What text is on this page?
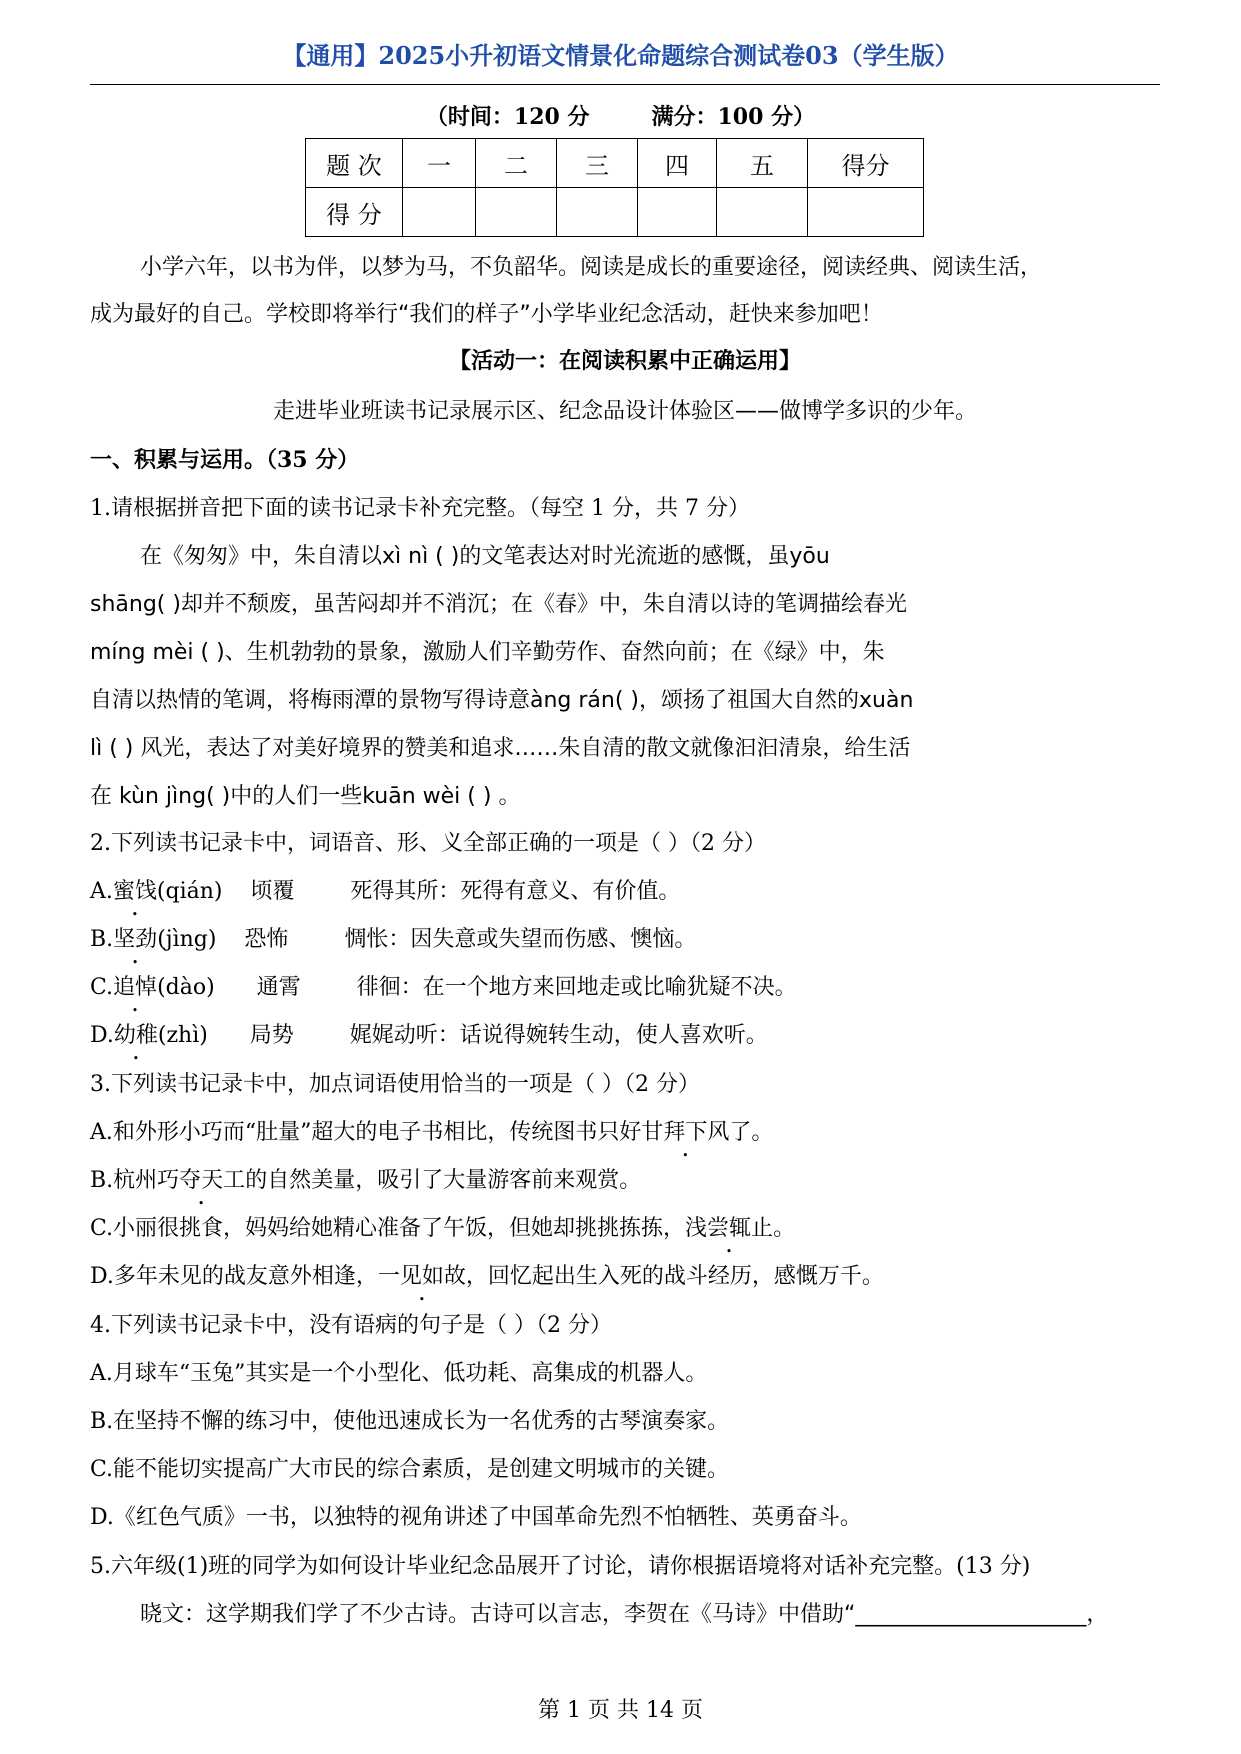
【通用】2025小升初语文情景化命题综合测试卷03（学生版）
（时间：120 分	满分：100 分）
题 次	一	二	三	四	五	得分
得 分						
小学六年，以书为伴，以梦为马，不负韶华。阅读是成长的重要途径，阅读经典、阅读生活，
成为最好的自己。学校即将举行“我们的样子”小学毕业纪念活动，赶快来参加吧！
【活动一：在阅读积累中正确运用】
走进毕业班读书记录展示区、纪念品设计体验区——做博学多识的少年。
一、积累与运用。（35 分）
1.请根据拼音把下面的读书记录卡补充完整。（每空 1 分，共 7 分）
在《匆匆》中，朱自清以xì nì ( )的文笔表达对时光流逝的感慨，虽yōu
shāng( )却并不颓废，虽苦闷却并不消沉；在《春》中，朱自清以诗的笔调描绘春光
míng mèi ( )、生机勃勃的景象，激励人们辛勤劳作、奋然向前；在《绿》中，朱
自清以热情的笔调，将梅雨潭的景物写得诗意àng rán( )，颂扬了祖国大自然的xuàn
lì ( ) 风光，表达了对美好境界的赞美和追求……朱自清的散文就像汩汩清泉，给生活
在 kùn jìng( )中的人们一些kuān wèi ( ) 。
2.下列读书记录卡中，词语音、形、义全部正确的一项是（ ）（2 分）
A.蜜饯(qián)    顷覆        死得其所：死得有意义、有价值。
B.坚劲(jìng)    恐怖        惆怅：因失意或失望而伤感、懊恼。
C.追悼(dào)      通霄        徘徊：在一个地方来回地走或比喻犹疑不决。
D.幼稚(zhì)      局势        娓娓动听：话说得婉转生动，使人喜欢听。
3.下列读书记录卡中，加点词语使用恰当的一项是（ ）（2 分）
A.和外形小巧而“肚量”超大的电子书相比，传统图书只好甘拜下风了。
B.杭州巧夺天工的自然美量，吸引了大量游客前来观赏。
C.小丽很挑食，妈妈给她精心准备了午饭，但她却挑挑拣拣，浅尝辄止。
D.多年未见的战友意外相逢，一见如故，回忆起出生入死的战斗经历，感慨万千。
4.下列读书记录卡中，没有语病的句子是（ ）（2 分）
A.月球车“玉兔”其实是一个小型化、低功耗、高集成的机器人。
B.在坚持不懈的练习中，使他迅速成长为一名优秀的古琴演奏家。
C.能不能切实提高广大市民的综合素质，是创建文明城市的关键。
D.《红色气质》一书，以独特的视角讲述了中国革命先烈不怕牺牲、英勇奋斗。
5.六年级(1)班的同学为如何设计毕业纪念品展开了讨论，请你根据语境将对话补充完整。(13 分)
晓文：这学期我们学了不少古诗。古诗可以言志，李贺在《马诗》中借助“_____________________，
第 1 页 共 14 页
